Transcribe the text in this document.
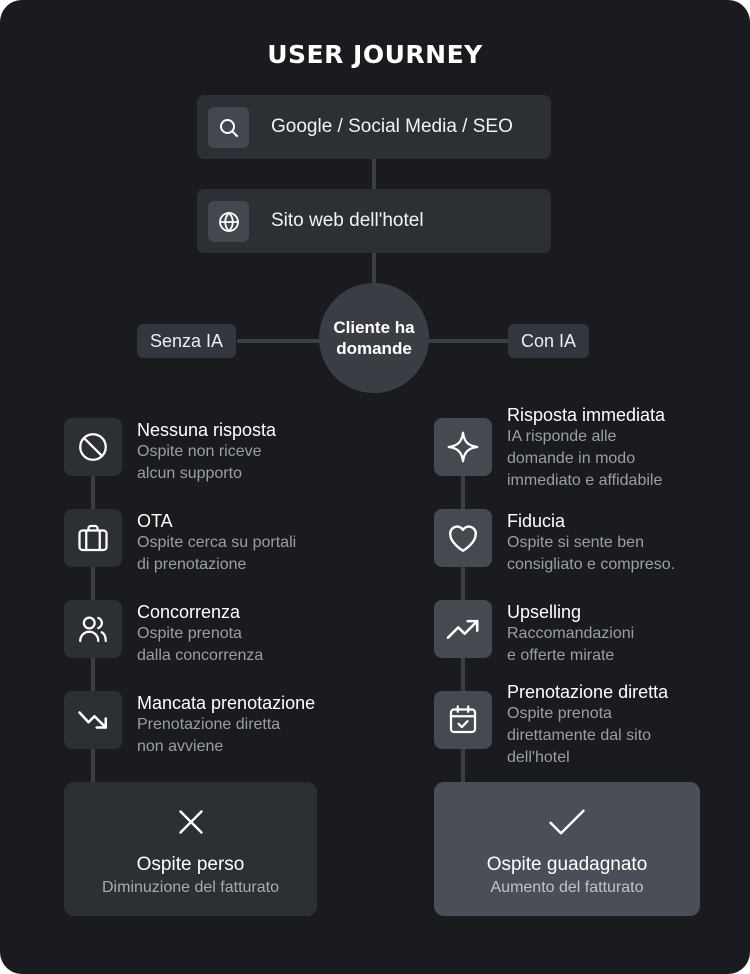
USER JOURNEY
Google / Social Media / SEO
Sito web dell'hotel
Cliente ha
domande
Senza IA	Con IA
Nessuna risposta
Ospite non riceve
alcun supporto
OTA
Ospite cerca su portali
di prenotazione
Concorrenza
Ospite prenota
dalla concorrenza
Mancata prenotazione
Prenotazione diretta
non avviene
Risposta immediata
IA risponde alle
domande in modo
immediato e affidabile
Fiducia
Ospite si sente ben
consigliato e compreso.
Upselling
Raccomandazioni
e offerte mirate
Prenotazione diretta
Ospite prenota
direttamente dal sito
dell'hotel
Ospite perso
Diminuzione del fatturato
Ospite guadagnato
Aumento del fatturato
